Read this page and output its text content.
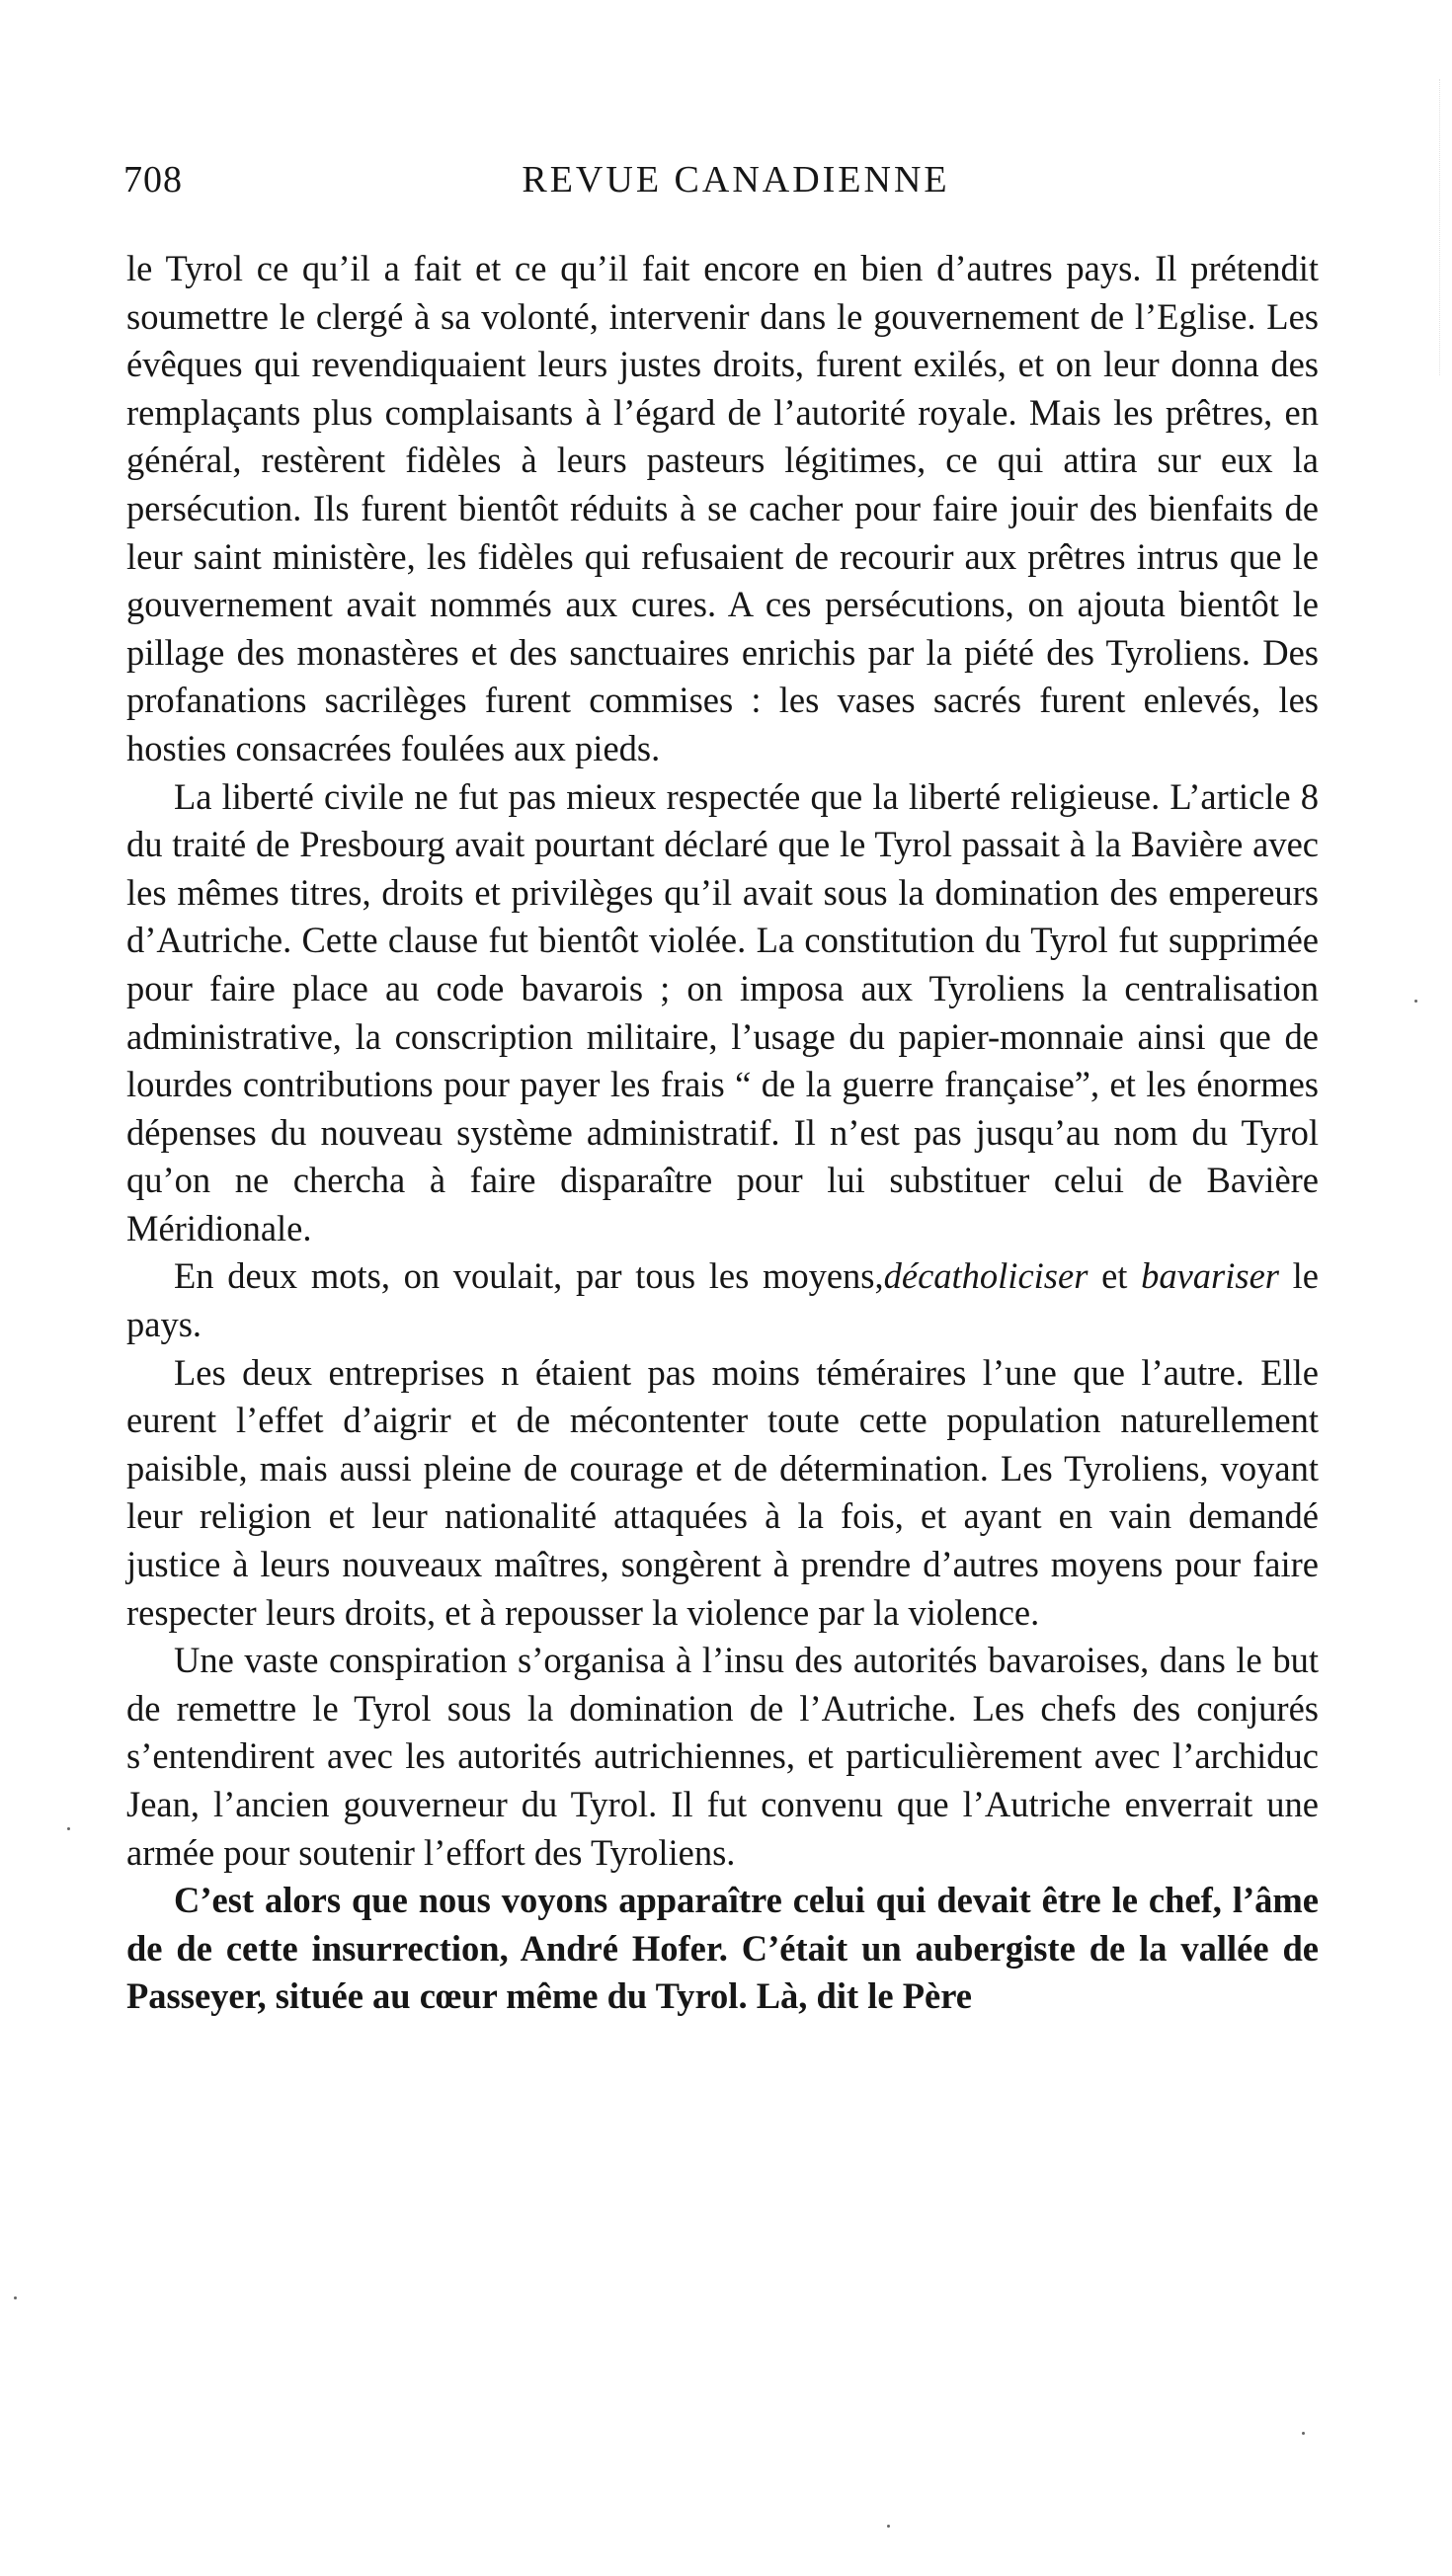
708	REVUE CANADIENNE

le Tyrol ce qu’il a fait et ce qu’il fait encore en bien d’autres pays. Il prétendit soumettre le clergé à sa volonté, intervenir dans le gouvernement de l’Eglise. Les évêques qui revendiquaient leurs justes droits, furent exilés, et on leur donna des remplaçants plus complaisants à l’égard de l’autorité royale. Mais les prêtres, en général, restèrent fidèles à leurs pasteurs légitimes, ce qui attira sur eux la persécution. Ils furent bientôt réduits à se cacher pour faire jouir des bienfaits de leur saint ministère, les fidèles qui refusaient de recourir aux prêtres intrus que le gouvernement avait nommés aux cures. A ces persécutions, on ajouta bientôt le pillage des monastères et des sanctuaires enrichis par la piété des Tyroliens. Des profanations sacrilèges furent commises : les vases sacrés furent enlevés, les hosties consacrées foulées aux pieds.

La liberté civile ne fut pas mieux respectée que la liberté religieuse. L’article 8 du traité de Presbourg avait pourtant déclaré que le Tyrol passait à la Bavière avec les mêmes titres, droits et privilèges qu’il avait sous la domination des empereurs d’Autriche. Cette clause fut bientôt violée. La constitution du Tyrol fut supprimée pour faire place au code bavarois ; on imposa aux Tyroliens la centralisation administrative, la conscription militaire, l’usage du papier-monnaie ainsi que de lourdes contributions pour payer les frais “ de la guerre française”, et les énormes dépenses du nouveau système administratif. Il n’est pas jusqu’au nom du Tyrol qu’on ne chercha à faire disparaître pour lui substituer celui de Bavière Méridionale.

En deux mots, on voulait, par tous les moyens,décatholiciser et bavariser le pays.

Les deux entreprises n étaient pas moins téméraires l’une que l’autre. Elle eurent l’effet d’aigrir et de mécontenter toute cette population naturellement paisible, mais aussi pleine de courage et de détermination. Les Tyroliens, voyant leur religion et leur nationalité attaquées à la fois, et ayant en vain demandé justice à leurs nouveaux maîtres, songèrent à prendre d’autres moyens pour faire respecter leurs droits, et à repousser la violence par la violence.

Une vaste conspiration s’organisa à l’insu des autorités bavaroises, dans le but de remettre le Tyrol sous la domination de l’Autriche. Les chefs des conjurés s’entendirent avec les autorités autrichiennes, et particulièrement avec l’archiduc Jean, l’ancien gouverneur du Tyrol. Il fut convenu que l’Autriche enverrait une armée pour soutenir l’effort des Tyroliens.

C’est alors que nous voyons apparaître celui qui devait être le chef, l’âme de de cette insurrection, André Hofer. C’était un aubergiste de la vallée de Passeyer, située au cœur même du Tyrol. Là, dit le Père
